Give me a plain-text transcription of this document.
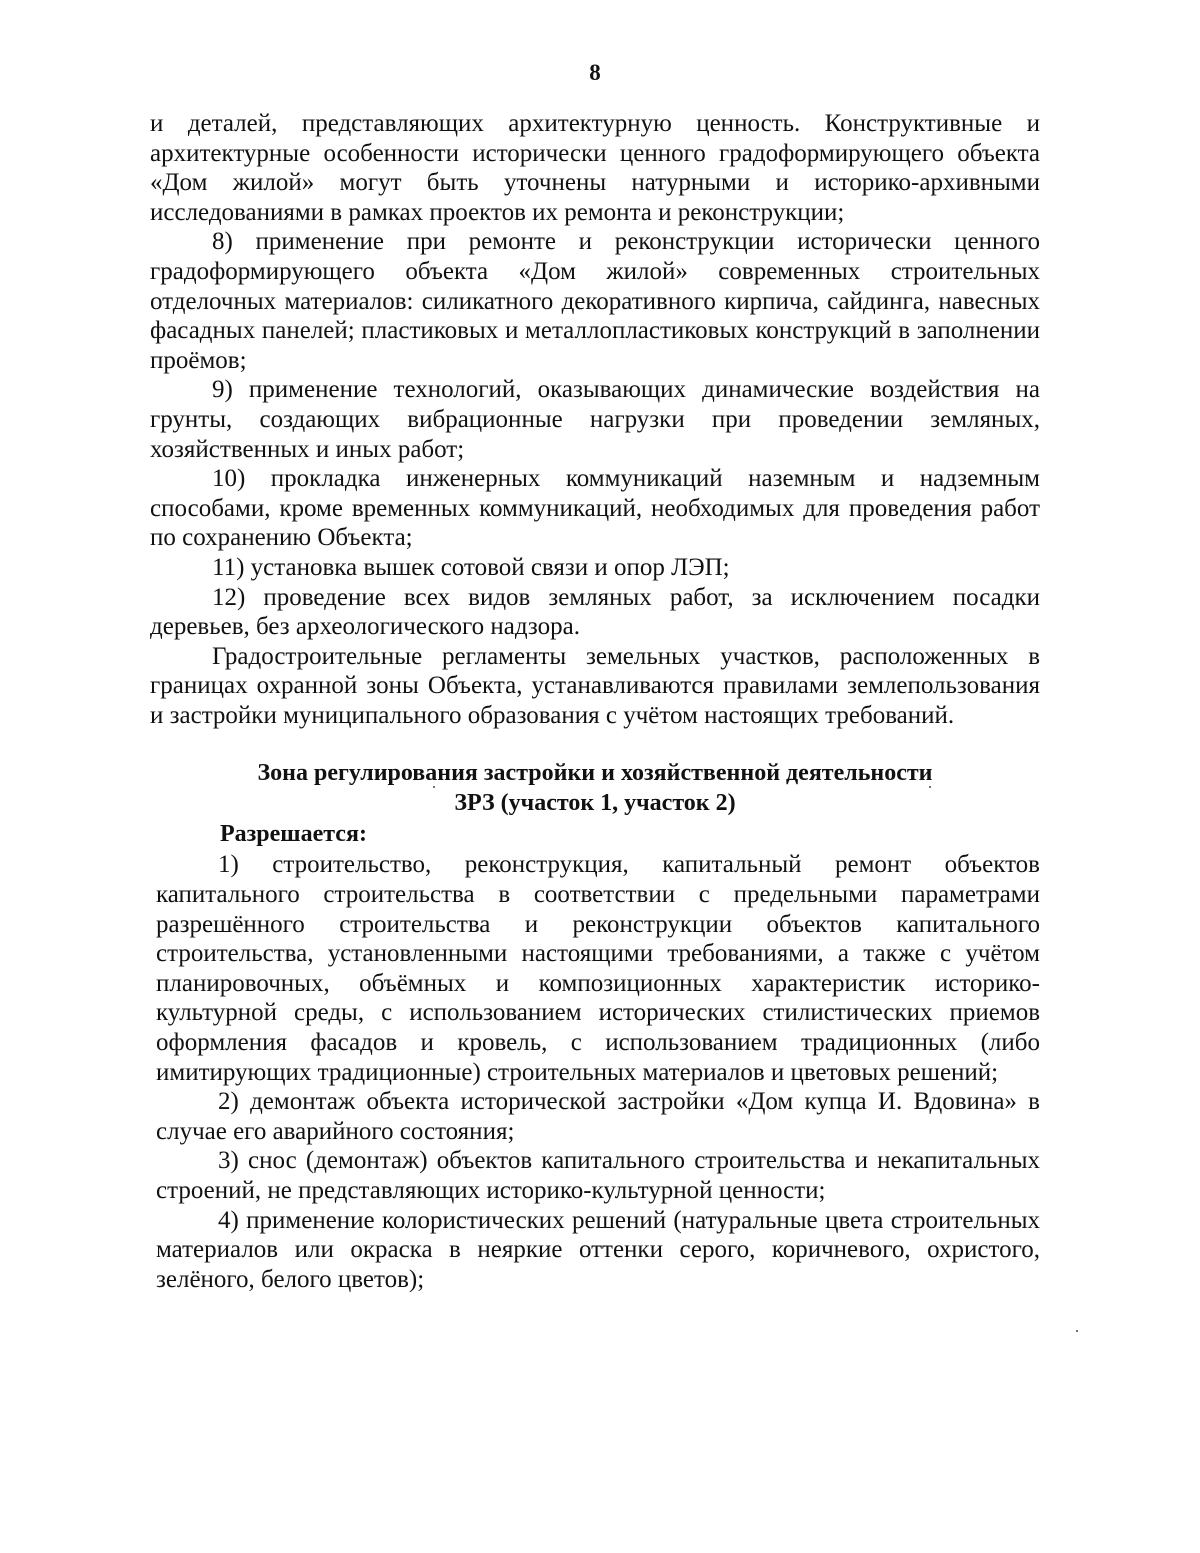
8

и деталей, представляющих архитектурную ценность. Конструктивные и архитектурные особенности исторически ценного градоформирующего объекта «Дом жилой» могут быть уточнены натурными и историко-архивными исследованиями в рамках проектов их ремонта и реконструкции;

8) применение при ремонте и реконструкции исторически ценного градоформирующего объекта «Дом жилой» современных строительных отделочных материалов: силикатного декоративного кирпича, сайдинга, навесных фасадных панелей; пластиковых и металлопластиковых конструкций в заполнении проёмов;

9) применение технологий, оказывающих динамические воздействия на грунты, создающих вибрационные нагрузки при проведении земляных, хозяйственных и иных работ;

10) прокладка инженерных коммуникаций наземным и надземным способами, кроме временных коммуникаций, необходимых для проведения работ по сохранению Объекта;

11) установка вышек сотовой связи и опор ЛЭП;

12) проведение всех видов земляных работ, за исключением посадки деревьев, без археологического надзора.

Градостроительные регламенты земельных участков, расположенных в границах охранной зоны Объекта, устанавливаются правилами землепользования и застройки муниципального образования с учётом настоящих требований.

Зона регулирования застройки и хозяйственной деятельности

ЗРЗ (участок 1, участок 2)

Разрешается:

1) строительство, реконструкция, капитальный ремонт объектов капитального строительства в соответствии с предельными параметрами разрешённого строительства и реконструкции объектов капитального строительства, установленными настоящими требованиями, а также с учётом планировочных, объёмных и композиционных характеристик историко-культурной среды, с использованием исторических стилистических приемов оформления фасадов и кровель, с использованием традиционных (либо имитирующих традиционные) строительных материалов и цветовых решений;

2) демонтаж объекта исторической застройки «Дом купца И. Вдовина» в случае его аварийного состояния;

3) снос (демонтаж) объектов капитального строительства и некапитальных строений, не представляющих историко-культурной ценности;

4) применение колористических решений (натуральные цвета строительных материалов или окраска в неяркие оттенки серого, коричневого, охристого, зелёного, белого цветов);
